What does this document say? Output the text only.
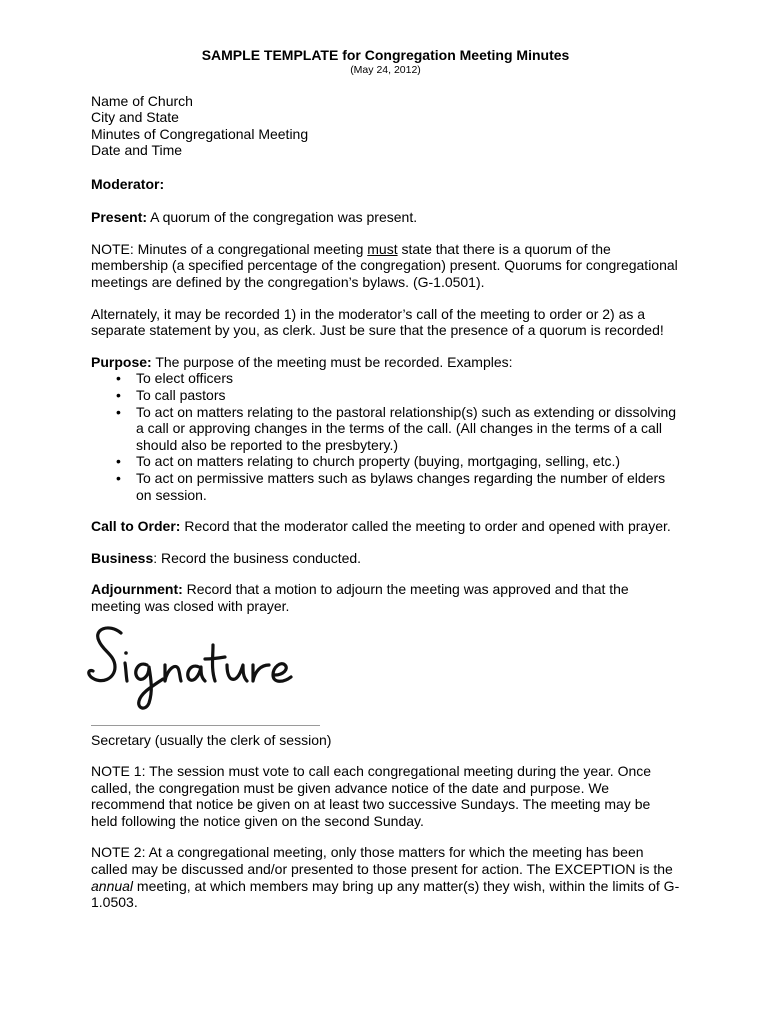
SAMPLE TEMPLATE for Congregation Meeting Minutes

(May 24, 2012)

Name of Church
City and State
Minutes of Congregational Meeting
Date and Time

Moderator:

Present: A quorum of the congregation was present.

NOTE: Minutes of a congregational meeting must state that there is a quorum of the membership (a specified percentage of the congregation) present. Quorums for congregational meetings are defined by the congregation’s bylaws. (G-1.0501).

Alternately, it may be recorded 1) in the moderator’s call of the meeting to order or 2) as a separate statement by you, as clerk. Just be sure that the presence of a quorum is recorded!

Purpose: The purpose of the meeting must be recorded. Examples:

• To elect officers
• To call pastors
• To act on matters relating to the pastoral relationship(s) such as extending or dissolving a call or approving changes in the terms of the call. (All changes in the terms of a call should also be reported to the presbytery.)
• To act on matters relating to church property (buying, mortgaging, selling, etc.)
• To act on permissive matters such as bylaws changes regarding the number of elders on session.

Call to Order: Record that the moderator called the meeting to order and opened with prayer.

Business: Record the business conducted.

Adjournment: Record that a motion to adjourn the meeting was approved and that the meeting was closed with prayer.

Secretary (usually the clerk of session)

NOTE 1: The session must vote to call each congregational meeting during the year. Once called, the congregation must be given advance notice of the date and purpose. We recommend that notice be given on at least two successive Sundays. The meeting may be held following the notice given on the second Sunday.

NOTE 2: At a congregational meeting, only those matters for which the meeting has been called may be discussed and/or presented to those present for action. The EXCEPTION is the annual meeting, at which members may bring up any matter(s) they wish, within the limits of G-1.0503.
